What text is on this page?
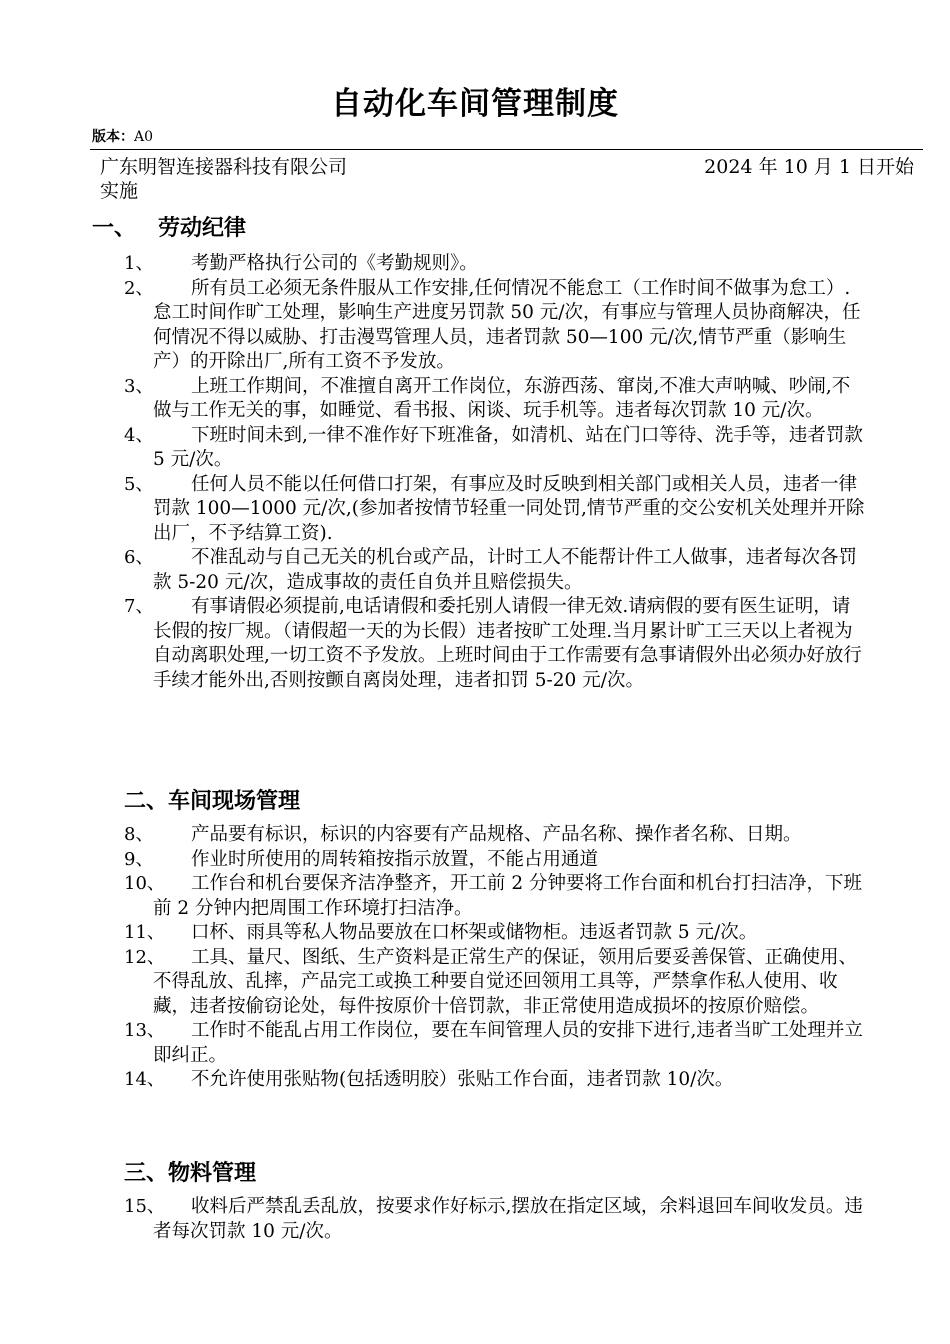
自动化车间管理制度
版本：A0
广东明智连接器科技有限公司	2024 年 10 月 1 日开始
实施
一、 劳动纪律
1、	考勤严格执行公司的《考勤规则》。
2、	所有员工必须无条件服从工作安排,任何情况不能怠工（工作时间不做事为怠工）.怠工时间作旷工处理，影响生产进度另罚款 50 元/次，有事应与管理人员协商解决，任何情况不得以威胁、打击漫骂管理人员，违者罚款 50—100 元/次,情节严重（影响生产）的开除出厂,所有工资不予发放。
3、	上班工作期间，不准擅自离开工作岗位，东游西荡、窜岗,不准大声呐喊、吵闹,不做与工作无关的事，如睡觉、看书报、闲谈、玩手机等。违者每次罚款 10 元/次。
4、	下班时间未到,一律不准作好下班准备，如清机、站在门口等待、洗手等，违者罚款 5 元/次。
5、	任何人员不能以任何借口打架，有事应及时反映到相关部门或相关人员，违者一律罚款 100—1000 元/次,(参加者按情节轻重一同处罚,情节严重的交公安机关处理并开除出厂，不予结算工资).
6、	不准乱动与自己无关的机台或产品，计时工人不能帮计件工人做事，违者每次各罚款 5-20 元/次，造成事故的责任自负并且赔偿损失。
7、	有事请假必须提前,电话请假和委托别人请假一律无效.请病假的要有医生证明，请长假的按厂规。（请假超一天的为长假）违者按旷工处理.当月累计旷工三天以上者视为自动离职处理,一切工资不予发放。上班时间由于工作需要有急事请假外出必须办好放行手续才能外出,否则按颤自离岗处理，违者扣罚 5-20 元/次。
二、车间现场管理
8、	产品要有标识，标识的内容要有产品规格、产品名称、操作者名称、日期。
9、	作业时所使用的周转箱按指示放置，不能占用通道
10、	工作台和机台要保齐洁净整齐，开工前 2 分钟要将工作台面和机台打扫洁净，下班前 2 分钟内把周围工作环境打扫洁净。
11、	口杯、雨具等私人物品要放在口杯架或储物柜。违返者罚款 5 元/次。
12、	工具、量尺、图纸、生产资料是正常生产的保证，领用后要妥善保管、正确使用、不得乱放、乱摔，产品完工或换工种要自觉还回领用工具等，严禁拿作私人使用、收藏，违者按偷窃论处，每件按原价十倍罚款，非正常使用造成损坏的按原价赔偿。
13、	工作时不能乱占用工作岗位，要在车间管理人员的安排下进行,违者当旷工处理并立即纠正。
14、	不允许使用张贴物(包括透明胶）张贴工作台面，违者罚款 10/次。
三、物料管理
15、	收料后严禁乱丢乱放，按要求作好标示,摆放在指定区域，余料退回车间收发员。违者每次罚款 10 元/次。
